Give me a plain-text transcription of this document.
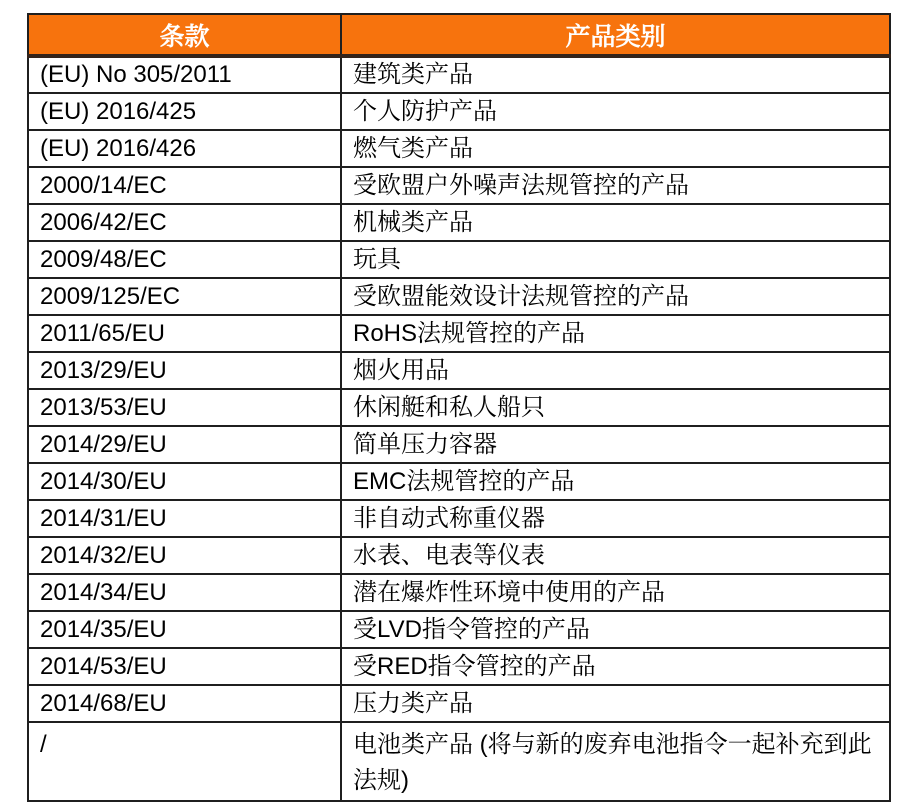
条款	产品类别
(EU) No 305/2011	建筑类产品
(EU) 2016/425	个人防护产品
(EU) 2016/426	燃气类产品
2000/14/EC	受欧盟户外噪声法规管控的产品
2006/42/EC	机械类产品
2009/48/EC	玩具
2009/125/EC	受欧盟能效设计法规管控的产品
2011/65/EU	RoHS法规管控的产品
2013/29/EU	烟火用品
2013/53/EU	休闲艇和私人船只
2014/29/EU	简单压力容器
2014/30/EU	EMC法规管控的产品
2014/31/EU	非自动式称重仪器
2014/32/EU	水表、电表等仪表
2014/34/EU	潜在爆炸性环境中使用的产品
2014/35/EU	受LVD指令管控的产品
2014/53/EU	受RED指令管控的产品
2014/68/EU	压力类产品
/	电池类产品 (将与新的废弃电池指令一起补充到此法规)
